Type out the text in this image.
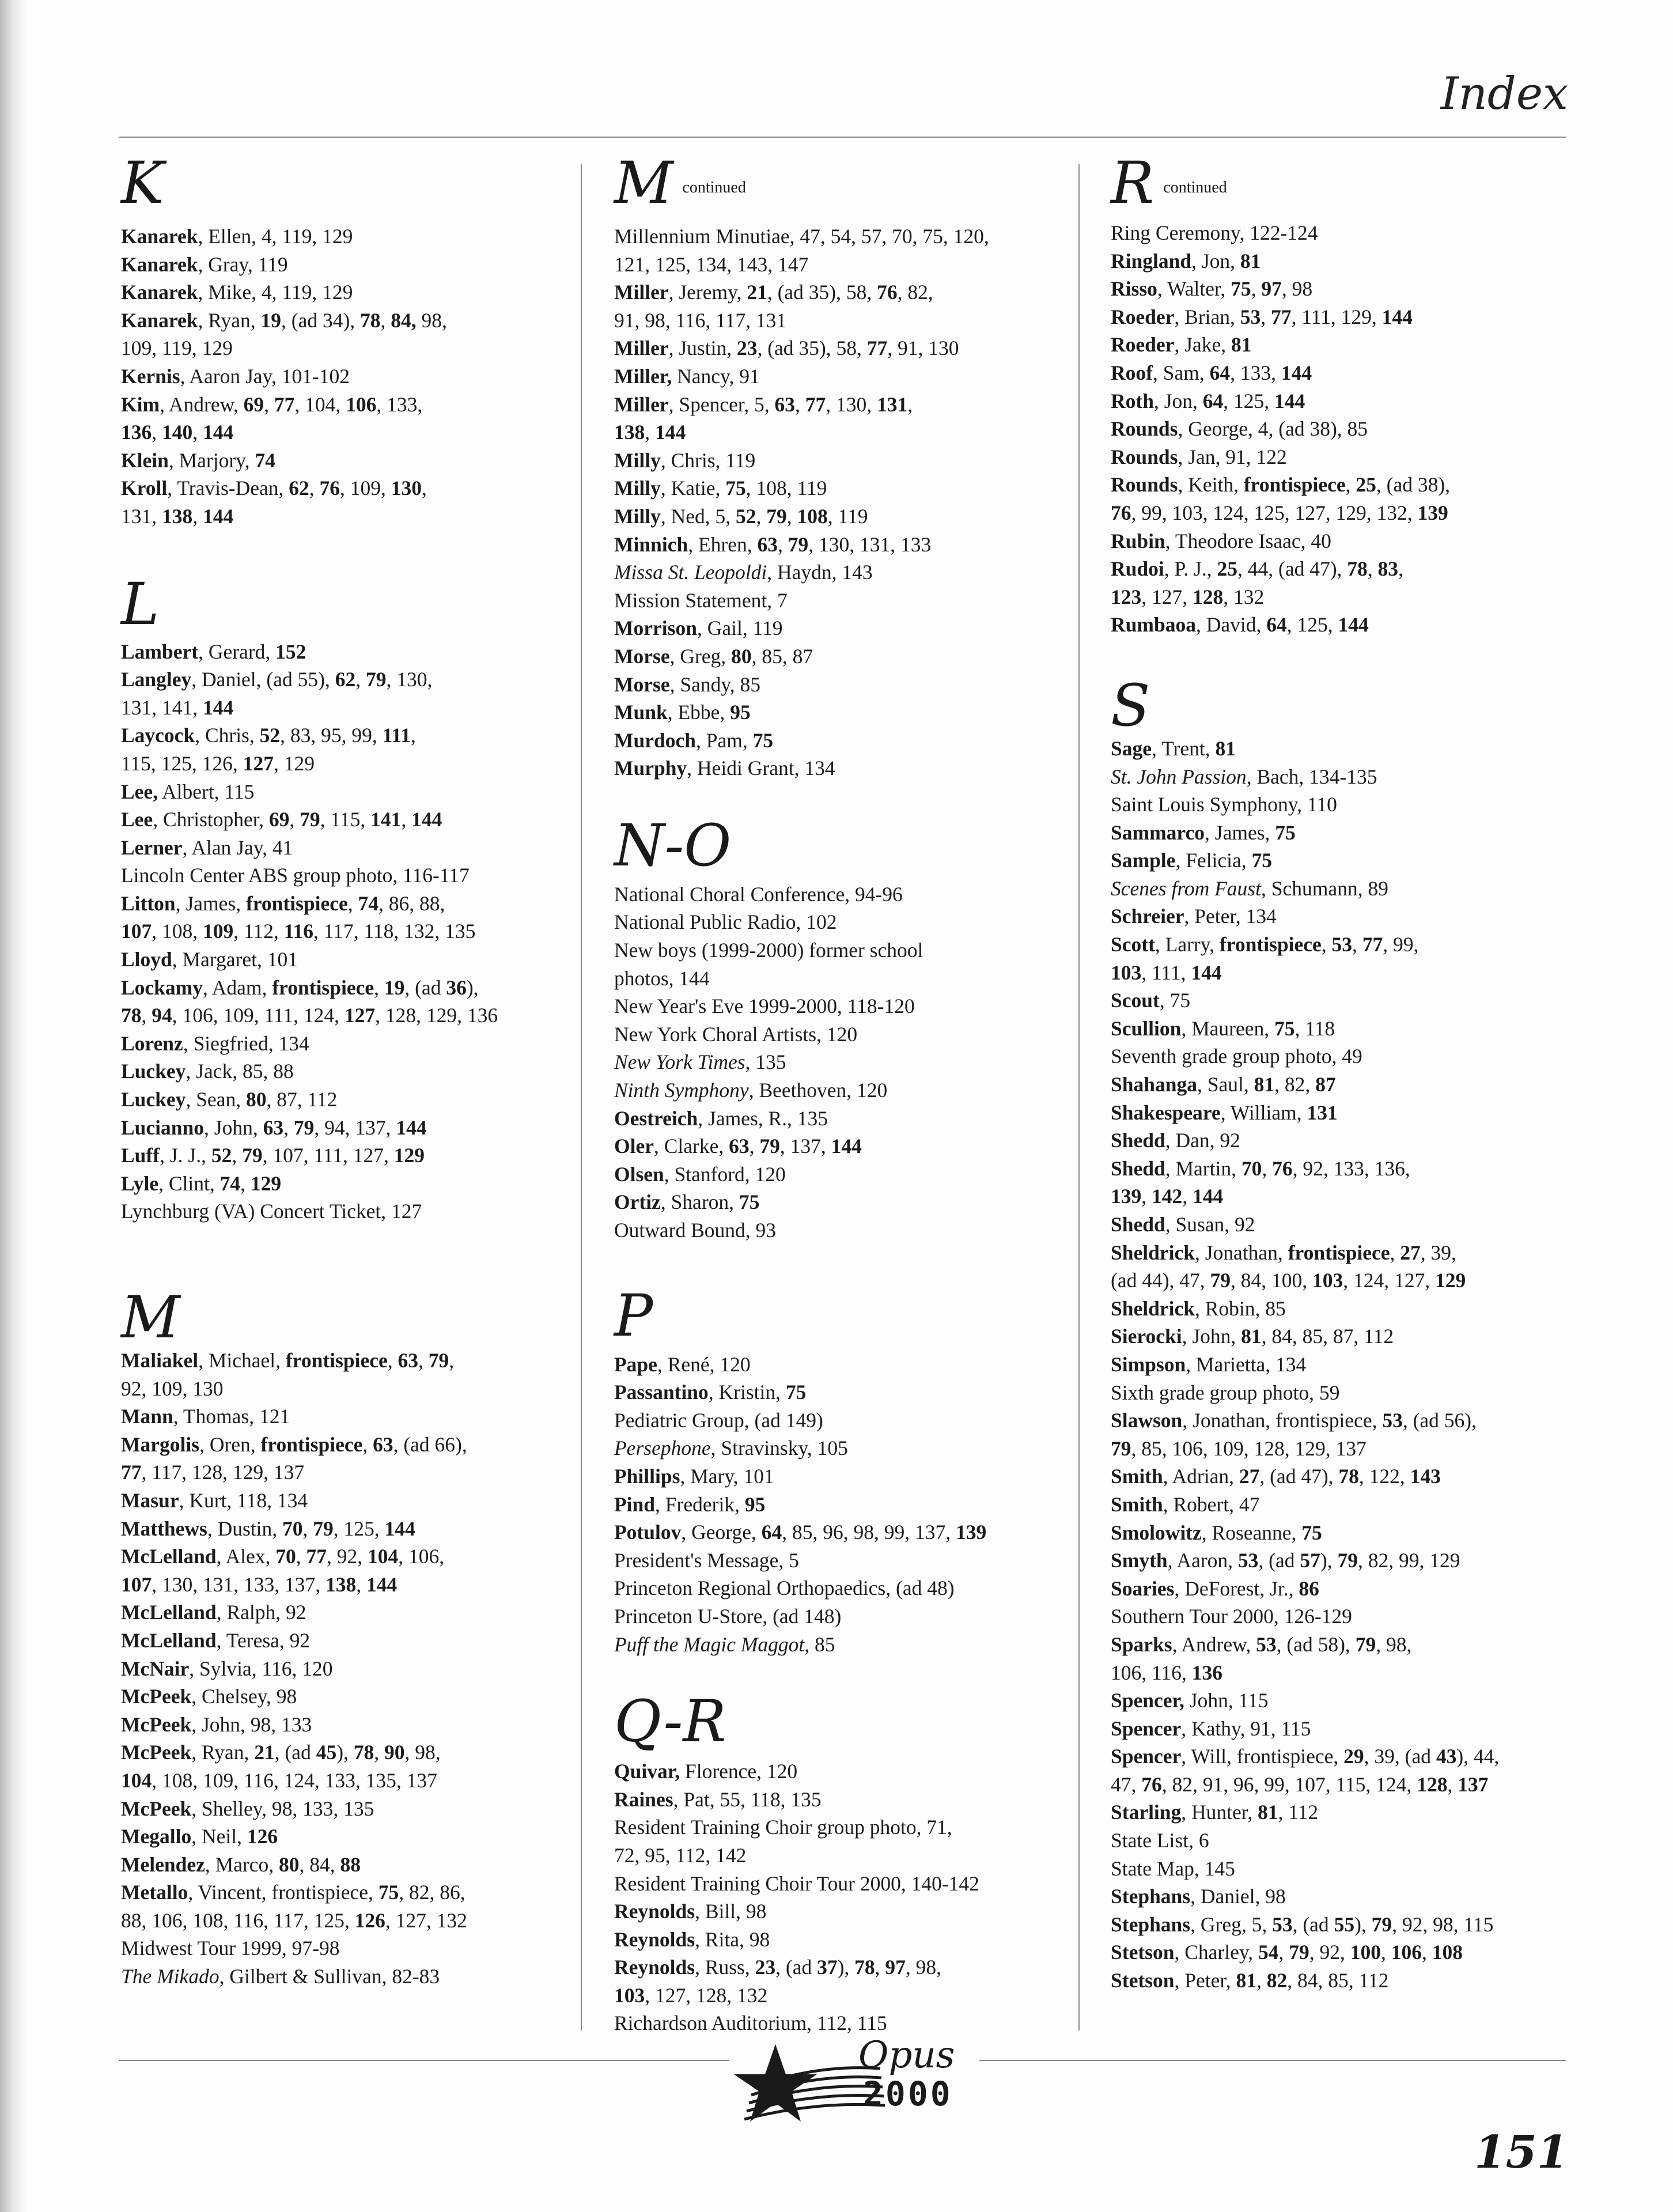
Index
K
Kanarek, Ellen, 4, 119, 129
Kanarek, Gray, 119
Kanarek, Mike, 4, 119, 129
Kanarek, Ryan, 19, (ad 34), 78, 84, 98,
109, 119, 129
Kernis, Aaron Jay, 101-102
Kim, Andrew, 69, 77, 104, 106, 133,
136, 140, 144
Klein, Marjory, 74
Kroll, Travis-Dean, 62, 76, 109, 130,
131, 138, 144
L
Lambert, Gerard, 152
Langley, Daniel, (ad 55), 62, 79, 130,
131, 141, 144
Laycock, Chris, 52, 83, 95, 99, 111,
115, 125, 126, 127, 129
Lee, Albert, 115
Lee, Christopher, 69, 79, 115, 141, 144
Lerner, Alan Jay, 41
Lincoln Center ABS group photo, 116-117
Litton, James, frontispiece, 74, 86, 88,
107, 108, 109, 112, 116, 117, 118, 132, 135
Lloyd, Margaret, 101
Lockamy, Adam, frontispiece, 19, (ad 36),
78, 94, 106, 109, 111, 124, 127, 128, 129, 136
Lorenz, Siegfried, 134
Luckey, Jack, 85, 88
Luckey, Sean, 80, 87, 112
Lucianno, John, 63, 79, 94, 137, 144
Luff, J. J., 52, 79, 107, 111, 127, 129
Lyle, Clint, 74, 129
Lynchburg (VA) Concert Ticket, 127
M
Maliakel, Michael, frontispiece, 63, 79,
92, 109, 130
Mann, Thomas, 121
Margolis, Oren, frontispiece, 63, (ad 66),
77, 117, 128, 129, 137
Masur, Kurt, 118, 134
Matthews, Dustin, 70, 79, 125, 144
McLelland, Alex, 70, 77, 92, 104, 106,
107, 130, 131, 133, 137, 138, 144
McLelland, Ralph, 92
McLelland, Teresa, 92
McNair, Sylvia, 116, 120
McPeek, Chelsey, 98
McPeek, John, 98, 133
McPeek, Ryan, 21, (ad 45), 78, 90, 98,
104, 108, 109, 116, 124, 133, 135, 137
McPeek, Shelley, 98, 133, 135
Megallo, Neil, 126
Melendez, Marco, 80, 84, 88
Metallo, Vincent, frontispiece, 75, 82, 86,
88, 106, 108, 116, 117, 125, 126, 127, 132
Midwest Tour 1999, 97-98
The Mikado, Gilbert & Sullivan, 82-83
Mcontinued
Millennium Minutiae, 47, 54, 57, 70, 75, 120,
121, 125, 134, 143, 147
Miller, Jeremy, 21, (ad 35), 58, 76, 82,
91, 98, 116, 117, 131
Miller, Justin, 23, (ad 35), 58, 77, 91, 130
Miller, Nancy, 91
Miller, Spencer, 5, 63, 77, 130, 131,
138, 144
Milly, Chris, 119
Milly, Katie, 75, 108, 119
Milly, Ned, 5, 52, 79, 108, 119
Minnich, Ehren, 63, 79, 130, 131, 133
Missa St. Leopoldi, Haydn, 143
Mission Statement, 7
Morrison, Gail, 119
Morse, Greg, 80, 85, 87
Morse, Sandy, 85
Munk, Ebbe, 95
Murdoch, Pam, 75
Murphy, Heidi Grant, 134
N-O
National Choral Conference, 94-96
National Public Radio, 102
New boys (1999-2000) former school
photos, 144
New Year's Eve 1999-2000, 118-120
New York Choral Artists, 120
New York Times, 135
Ninth Symphony, Beethoven, 120
Oestreich, James, R., 135
Oler, Clarke, 63, 79, 137, 144
Olsen, Stanford, 120
Ortiz, Sharon, 75
Outward Bound, 93
P
Pape, René, 120
Passantino, Kristin, 75
Pediatric Group, (ad 149)
Persephone, Stravinsky, 105
Phillips, Mary, 101
Pind, Frederik, 95
Potulov, George, 64, 85, 96, 98, 99, 137, 139
President's Message, 5
Princeton Regional Orthopaedics, (ad 48)
Princeton U-Store, (ad 148)
Puff the Magic Maggot, 85
Q-R
Quivar, Florence, 120
Raines, Pat, 55, 118, 135
Resident Training Choir group photo, 71,
72, 95, 112, 142
Resident Training Choir Tour 2000, 140-142
Reynolds, Bill, 98
Reynolds, Rita, 98
Reynolds, Russ, 23, (ad 37), 78, 97, 98,
103, 127, 128, 132
Richardson Auditorium, 112, 115
Rcontinued
Ring Ceremony, 122-124
Ringland, Jon, 81
Risso, Walter, 75, 97, 98
Roeder, Brian, 53, 77, 111, 129, 144
Roeder, Jake, 81
Roof, Sam, 64, 133, 144
Roth, Jon, 64, 125, 144
Rounds, George, 4, (ad 38), 85
Rounds, Jan, 91, 122
Rounds, Keith, frontispiece, 25, (ad 38),
76, 99, 103, 124, 125, 127, 129, 132, 139
Rubin, Theodore Isaac, 40
Rudoi, P. J., 25, 44, (ad 47), 78, 83,
123, 127, 128, 132
Rumbaoa, David, 64, 125, 144
S
Sage, Trent, 81
St. John Passion, Bach, 134-135
Saint Louis Symphony, 110
Sammarco, James, 75
Sample, Felicia, 75
Scenes from Faust, Schumann, 89
Schreier, Peter, 134
Scott, Larry, frontispiece, 53, 77, 99,
103, 111, 144
Scout, 75
Scullion, Maureen, 75, 118
Seventh grade group photo, 49
Shahanga, Saul, 81, 82, 87
Shakespeare, William, 131
Shedd, Dan, 92
Shedd, Martin, 70, 76, 92, 133, 136,
139, 142, 144
Shedd, Susan, 92
Sheldrick, Jonathan, frontispiece, 27, 39,
(ad 44), 47, 79, 84, 100, 103, 124, 127, 129
Sheldrick, Robin, 85
Sierocki, John, 81, 84, 85, 87, 112
Simpson, Marietta, 134
Sixth grade group photo, 59
Slawson, Jonathan, frontispiece, 53, (ad 56),
79, 85, 106, 109, 128, 129, 137
Smith, Adrian, 27, (ad 47), 78, 122, 143
Smith, Robert, 47
Smolowitz, Roseanne, 75
Smyth, Aaron, 53, (ad 57), 79, 82, 99, 129
Soaries, DeForest, Jr., 86
Southern Tour 2000, 126-129
Sparks, Andrew, 53, (ad 58), 79, 98,
106, 116, 136
Spencer, John, 115
Spencer, Kathy, 91, 115
Spencer, Will, frontispiece, 29, 39, (ad 43), 44,
47, 76, 82, 91, 96, 99, 107, 115, 124, 128, 137
Starling, Hunter, 81, 112
State List, 6
State Map, 145
Stephans, Daniel, 98
Stephans, Greg, 5, 53, (ad 55), 79, 92, 98, 115
Stetson, Charley, 54, 79, 92, 100, 106, 108
Stetson, Peter, 81, 82, 84, 85, 112
Opus
2000
151
